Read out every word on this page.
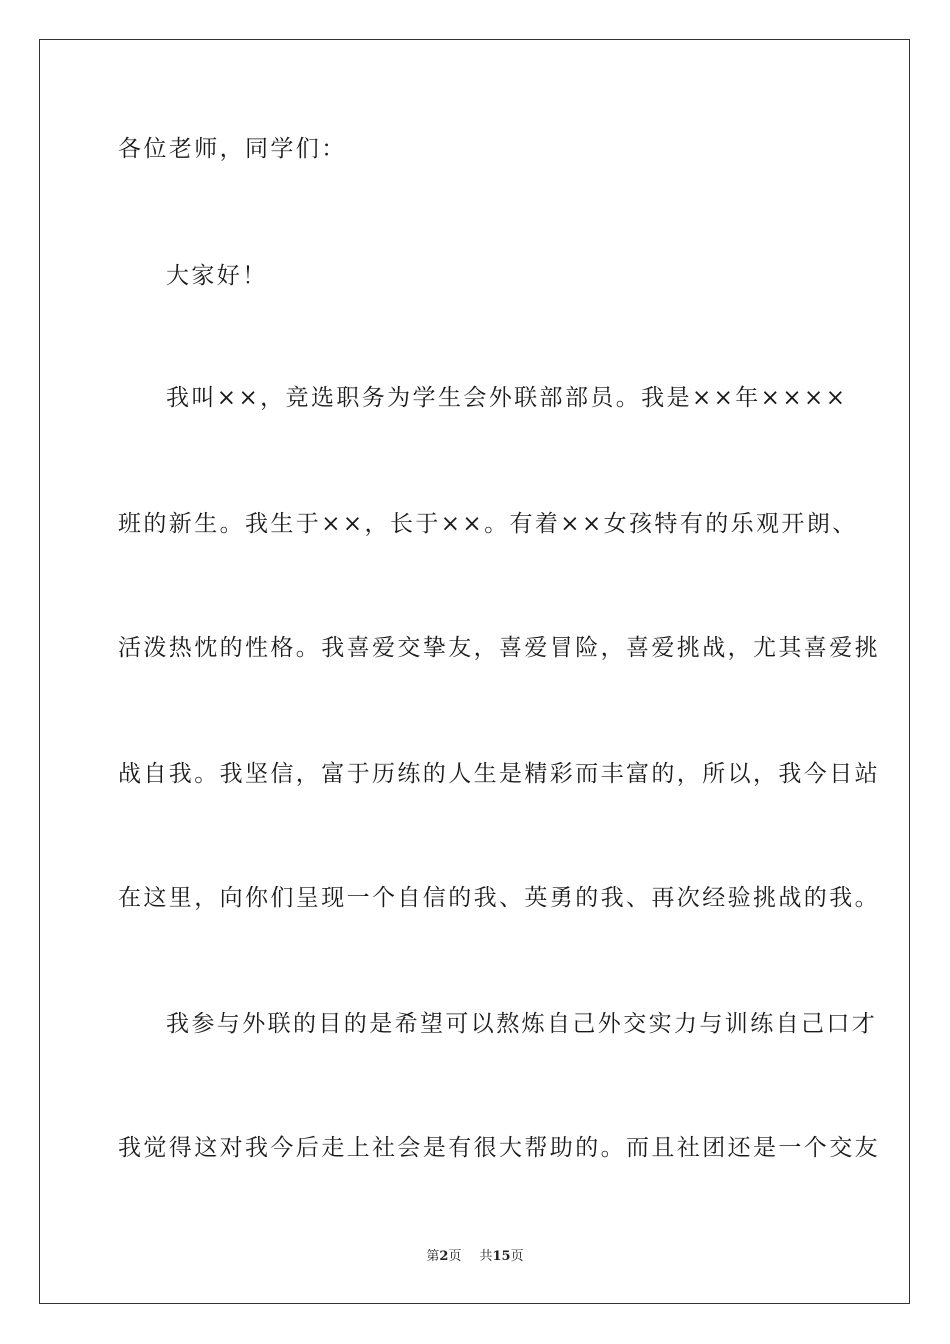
各位老师，同学们：
大家好！
我叫××，竞选职务为学生会外联部部员。我是××年××××
班的新生。我生于××，长于××。有着××女孩特有的乐观开朗、
活泼热忱的性格。我喜爱交挚友，喜爱冒险，喜爱挑战，尤其喜爱挑
战自我。我坚信，富于历练的人生是精彩而丰富的，所以，我今日站
在这里，向你们呈现一个自信的我、英勇的我、再次经验挑战的我。
我参与外联的目的是希望可以熬炼自己外交实力与训练自己口才
我觉得这对我今后走上社会是有很大帮助的。而且社团还是一个交友
第2页 共15页
